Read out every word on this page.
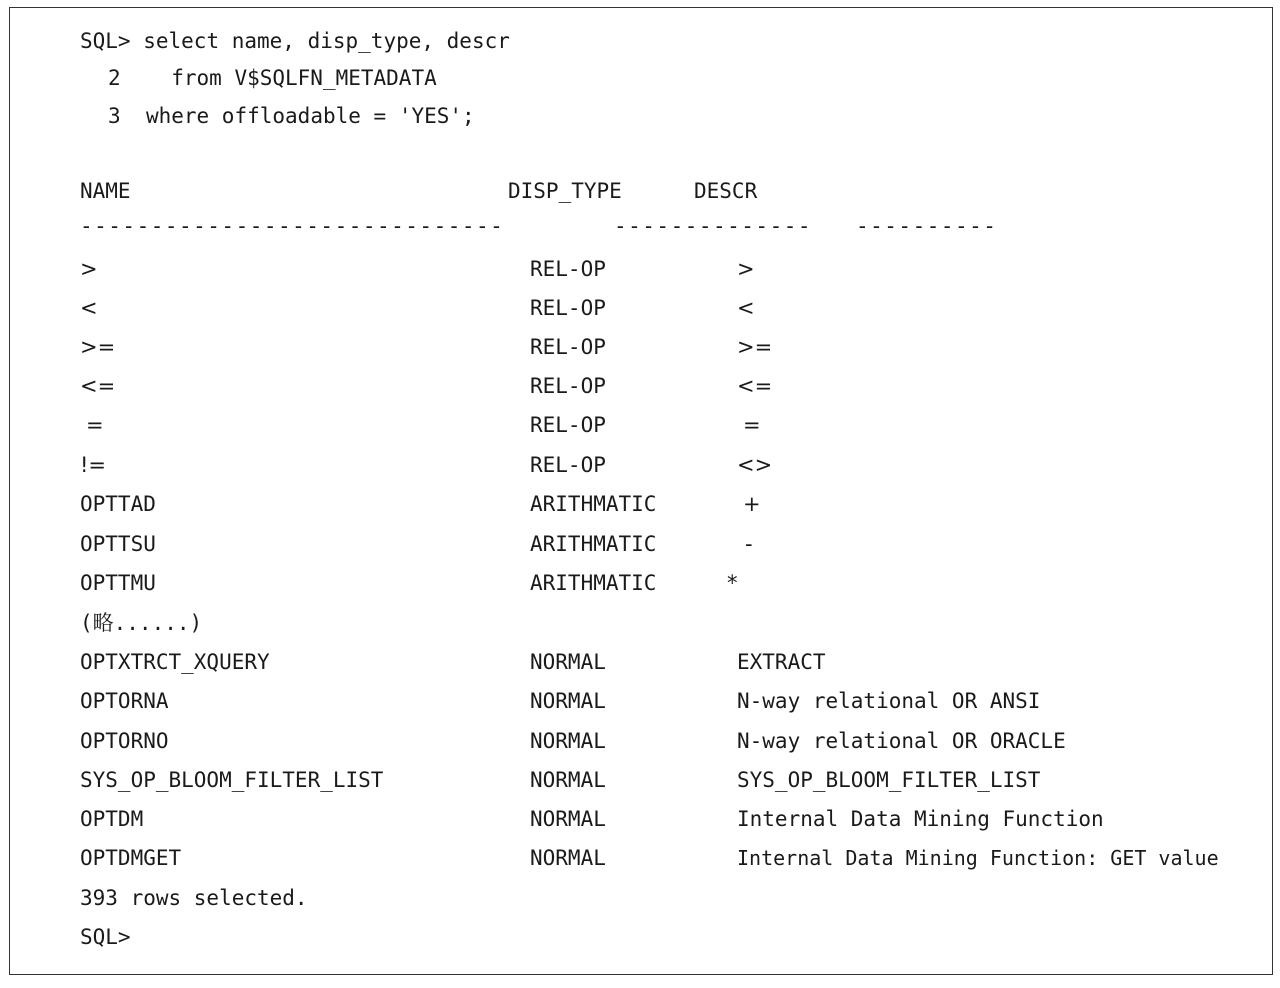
SQL> select name, disp_type, descr
2 from V$SQLFN_METADATA
3 where offloadable = 'YES';
NAME	DISP_TYPE	DESCR
------------------------------	-------------- ----------
>	REL-OP	>
<	REL-OP	<
>=	REL-OP	>=
<=	REL-OP	<=
=	REL-OP	=
!=	REL-OP	<>
OPTTAD	ARITHMATIC	+
OPTTSU	ARITHMATIC	-
OPTTMU	ARITHMATIC	*
(略......)
OPTXTRCT_XQUERY	NORMAL	EXTRACT
OPTORNA	NORMAL	N-way relational OR ANSI
OPTORNO	NORMAL	N-way relational OR ORACLE
SYS_OP_BLOOM_FILTER_LIST	NORMAL	SYS_OP_BLOOM_FILTER_LIST
OPTDM	NORMAL	Internal Data Mining Function
OPTDMGET	NORMAL	Internal Data Mining Function: GET value
393 rows selected.
SQL>
